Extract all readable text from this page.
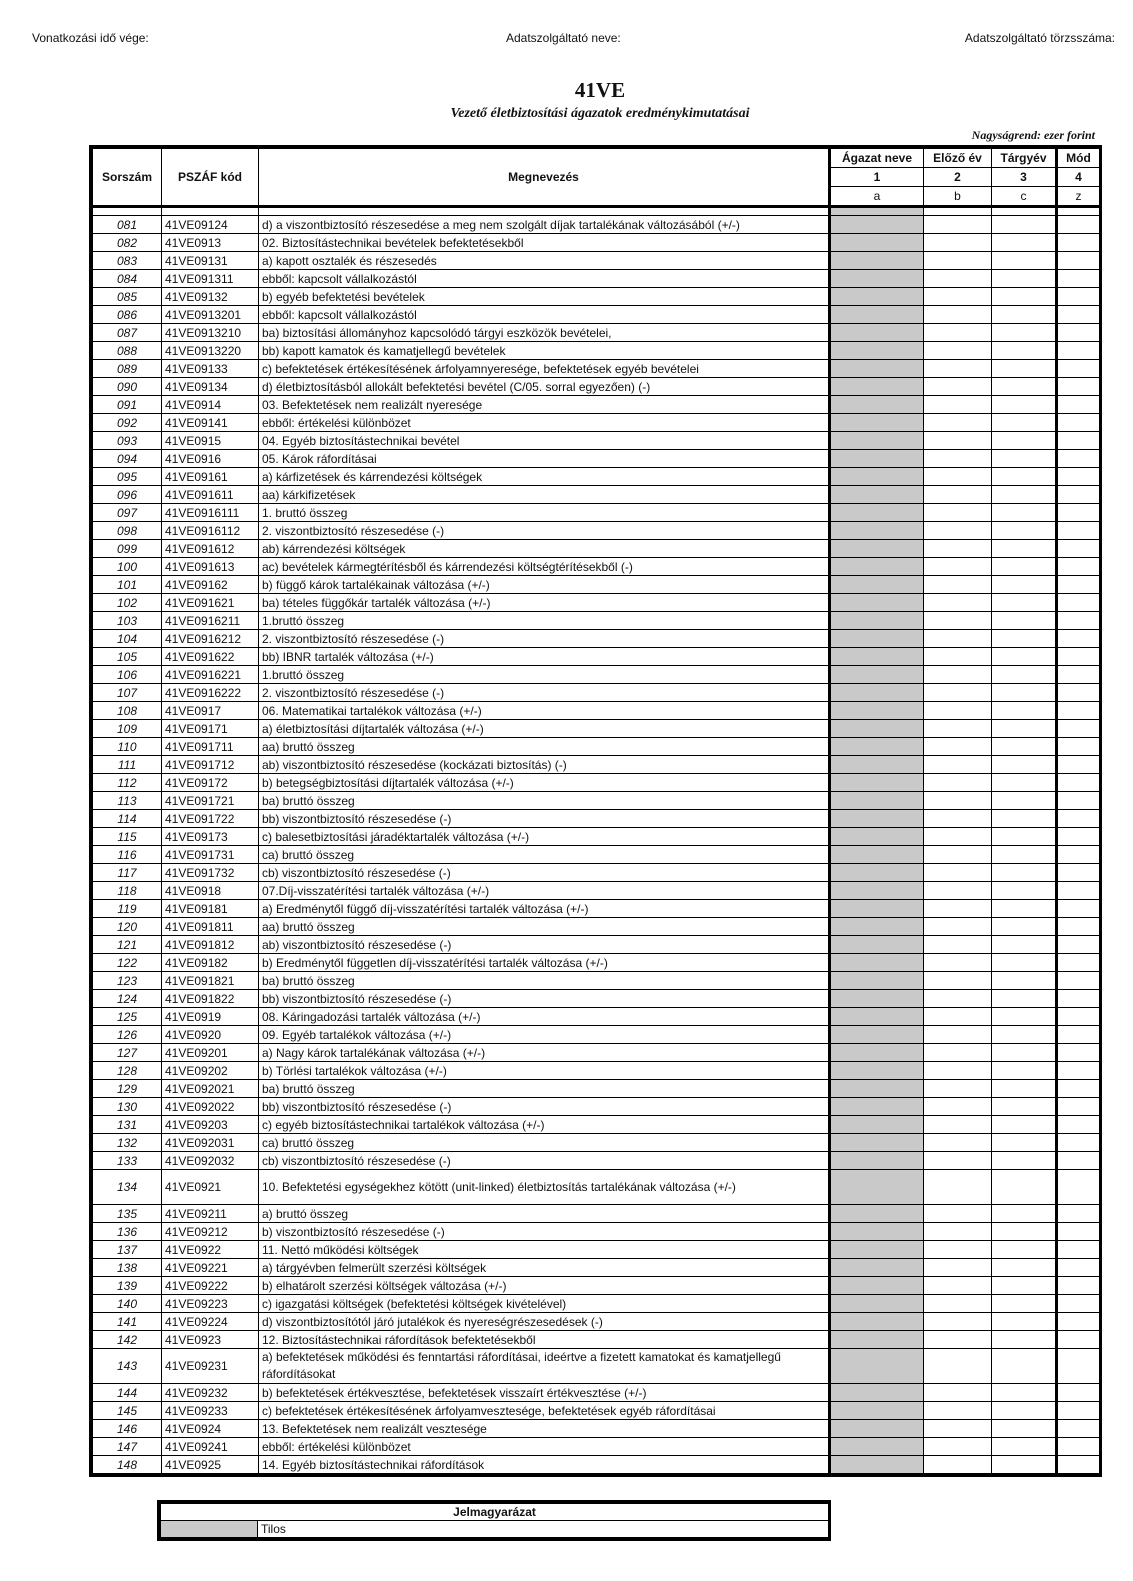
Vonatkozási idő vége:	Adatszolgáltató neve:	Adatszolgáltató törzsszáma:
41VE
Vezető életbiztosítási ágazatok eredménykimutatásai
Nagyságrend: ezer forint
Sorszám	PSZÁF kód	Megnevezés	Ágazat neve	Előző év	Tárgyév	Mód
			1	2	3	4
			a	b	c	z

081	41VE09124	d) a viszontbiztosító részesedése a meg nem szolgált díjak tartalékának változásából (+/-)				
082	41VE0913	02. Biztosítástechnikai bevételek befektetésekből				
083	41VE09131	a) kapott osztalék és részesedés				
084	41VE091311	ebből: kapcsolt vállalkozástól				
085	41VE09132	b) egyéb befektetési bevételek				
086	41VE0913201	ebből: kapcsolt vállalkozástól				
087	41VE0913210	ba) biztosítási állományhoz kapcsolódó tárgyi eszközök bevételei,				
088	41VE0913220	bb) kapott kamatok és kamatjellegű bevételek				
089	41VE09133	c) befektetések értékesítésének árfolyamnyeresége, befektetések egyéb bevételei				
090	41VE09134	d) életbiztosításból allokált befektetési bevétel (C/05. sorral egyezően) (-)				
091	41VE0914	03. Befektetések nem realizált nyeresége				
092	41VE09141	ebből: értékelési különbözet				
093	41VE0915	04. Egyéb biztosítástechnikai bevétel				
094	41VE0916	05. Károk ráfordításai				
095	41VE09161	a) kárfizetések és kárrendezési költségek				
096	41VE091611	aa) kárkifizetések				
097	41VE0916111	1. bruttó összeg				
098	41VE0916112	2. viszontbiztosító részesedése (-)				
099	41VE091612	ab) kárrendezési költségek				
100	41VE091613	ac) bevételek kármegtérítésből és kárrendezési költségtérítésekből (-)				
101	41VE09162	b) függő károk tartalékainak változása (+/-)				
102	41VE091621	ba) tételes függőkár tartalék változása (+/-)				
103	41VE0916211	1.bruttó összeg				
104	41VE0916212	2. viszontbiztosító részesedése (-)				
105	41VE091622	bb) IBNR tartalék változása (+/-)				
106	41VE0916221	1.bruttó összeg				
107	41VE0916222	2. viszontbiztosító részesedése (-)				
108	41VE0917	06. Matematikai tartalékok változása (+/-)				
109	41VE09171	a) életbiztosítási díjtartalék változása (+/-)				
110	41VE091711	aa) bruttó összeg				
111	41VE091712	ab) viszontbiztosító részesedése (kockázati biztosítás) (-)				
112	41VE09172	b) betegségbiztosítási díjtartalék változása (+/-)				
113	41VE091721	ba) bruttó összeg				
114	41VE091722	bb) viszontbiztosító részesedése (-)				
115	41VE09173	c) balesetbiztosítási járadéktartalék változása (+/-)				
116	41VE091731	ca) bruttó összeg				
117	41VE091732	cb) viszontbiztosító részesedése (-)				
118	41VE0918	07.Díj-visszatérítési tartalék változása (+/-)				
119	41VE09181	a) Eredménytől függő díj-visszatérítési tartalék változása (+/-)				
120	41VE091811	aa) bruttó összeg				
121	41VE091812	ab) viszontbiztosító részesedése (-)				
122	41VE09182	b) Eredménytől független díj-visszatérítési tartalék változása (+/-)				
123	41VE091821	ba) bruttó összeg				
124	41VE091822	bb) viszontbiztosító részesedése (-)				
125	41VE0919	08. Káringadozási tartalék változása (+/-)				
126	41VE0920	09. Egyéb tartalékok változása (+/-)				
127	41VE09201	a) Nagy károk tartalékának változása (+/-)				
128	41VE09202	b) Törlési tartalékok változása (+/-)				
129	41VE092021	ba) bruttó összeg				
130	41VE092022	bb) viszontbiztosító részesedése (-)				
131	41VE09203	c) egyéb biztosítástechnikai tartalékok változása (+/-)				
132	41VE092031	ca) bruttó összeg				
133	41VE092032	cb) viszontbiztosító részesedése (-)				
134	41VE0921	10. Befektetési egységekhez kötött (unit-linked) életbiztosítás tartalékának változása (+/-)				
135	41VE09211	a) bruttó összeg				
136	41VE09212	b) viszontbiztosító részesedése (-)				
137	41VE0922	11. Nettó működési költségek				
138	41VE09221	a) tárgyévben felmerült szerzési költségek				
139	41VE09222	b) elhatárolt szerzési költségek változása (+/-)				
140	41VE09223	c) igazgatási költségek (befektetési költségek kivételével)				
141	41VE09224	d) viszontbiztosítótól járó jutalékok és nyereségrészesedések (-)				
142	41VE0923	12. Biztosítástechnikai ráfordítások befektetésekből				
143	41VE09231	a) befektetések működési és fenntartási ráfordításai, ideértve a fizetett kamatokat és kamatjellegű ráfordításokat				
144	41VE09232	b) befektetések értékvesztése, befektetések visszaírt értékvesztése (+/-)				
145	41VE09233	c) befektetések értékesítésének árfolyamvesztesége, befektetések egyéb ráfordításai				
146	41VE0924	13. Befektetések nem realizált vesztesége				
147	41VE09241	ebből: értékelési különbözet				
148	41VE0925	14. Egyéb biztosítástechnikai ráfordítások				
Jelmagyarázat
	Tilos
